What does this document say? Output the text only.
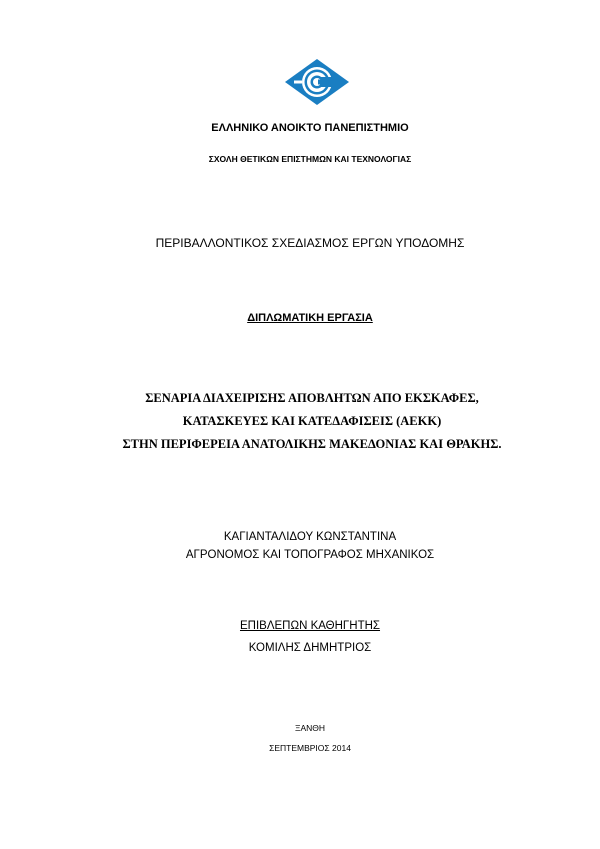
ΕΛΛΗΝΙΚΟ ΑΝΟΙΚΤΟ ΠΑΝΕΠΙΣΤΗΜΙΟ
ΣΧΟΛΗ ΘΕΤΙΚΩΝ ΕΠΙΣΤΗΜΩΝ ΚΑΙ ΤΕΧΝΟΛΟΓΙΑΣ
ΠΕΡΙΒΑΛΛΟΝΤΙΚΟΣ ΣΧΕΔΙΑΣΜΟΣ ΕΡΓΩΝ ΥΠΟΔΟΜΗΣ
ΔΙΠΛΩΜΑΤΙΚΗ ΕΡΓΑΣΙΑ
ΣΕΝΑΡΙΑ ΔΙΑΧΕΙΡΙΣΗΣ ΑΠΟΒΛΗΤΩΝ ΑΠΟ ΕΚΣΚΑΦΕΣ,
ΚΑΤΑΣΚΕΥΕΣ ΚΑΙ ΚΑΤΕΔΑΦΙΣΕΙΣ (ΑΕΚΚ)
ΣΤΗΝ ΠΕΡΙΦΕΡΕΙΑ ΑΝΑΤΟΛΙΚΗΣ ΜΑΚΕΔΟΝΙΑΣ ΚΑΙ ΘΡΑΚΗΣ.
ΚΑΓΙΑΝΤΑΛΙΔΟΥ ΚΩΝΣΤΑΝΤΙΝΑ
ΑΓΡΟΝΟΜΟΣ ΚΑΙ ΤΟΠΟΓΡΑΦΟΣ ΜΗΧΑΝΙΚΟΣ
ΕΠΙΒΛΕΠΩΝ ΚΑΘΗΓΗΤΗΣ
ΚΟΜΙΛΗΣ ΔΗΜΗΤΡΙΟΣ
ΞΑΝΘΗ
ΣΕΠΤΕΜΒΡΙΟΣ 2014
